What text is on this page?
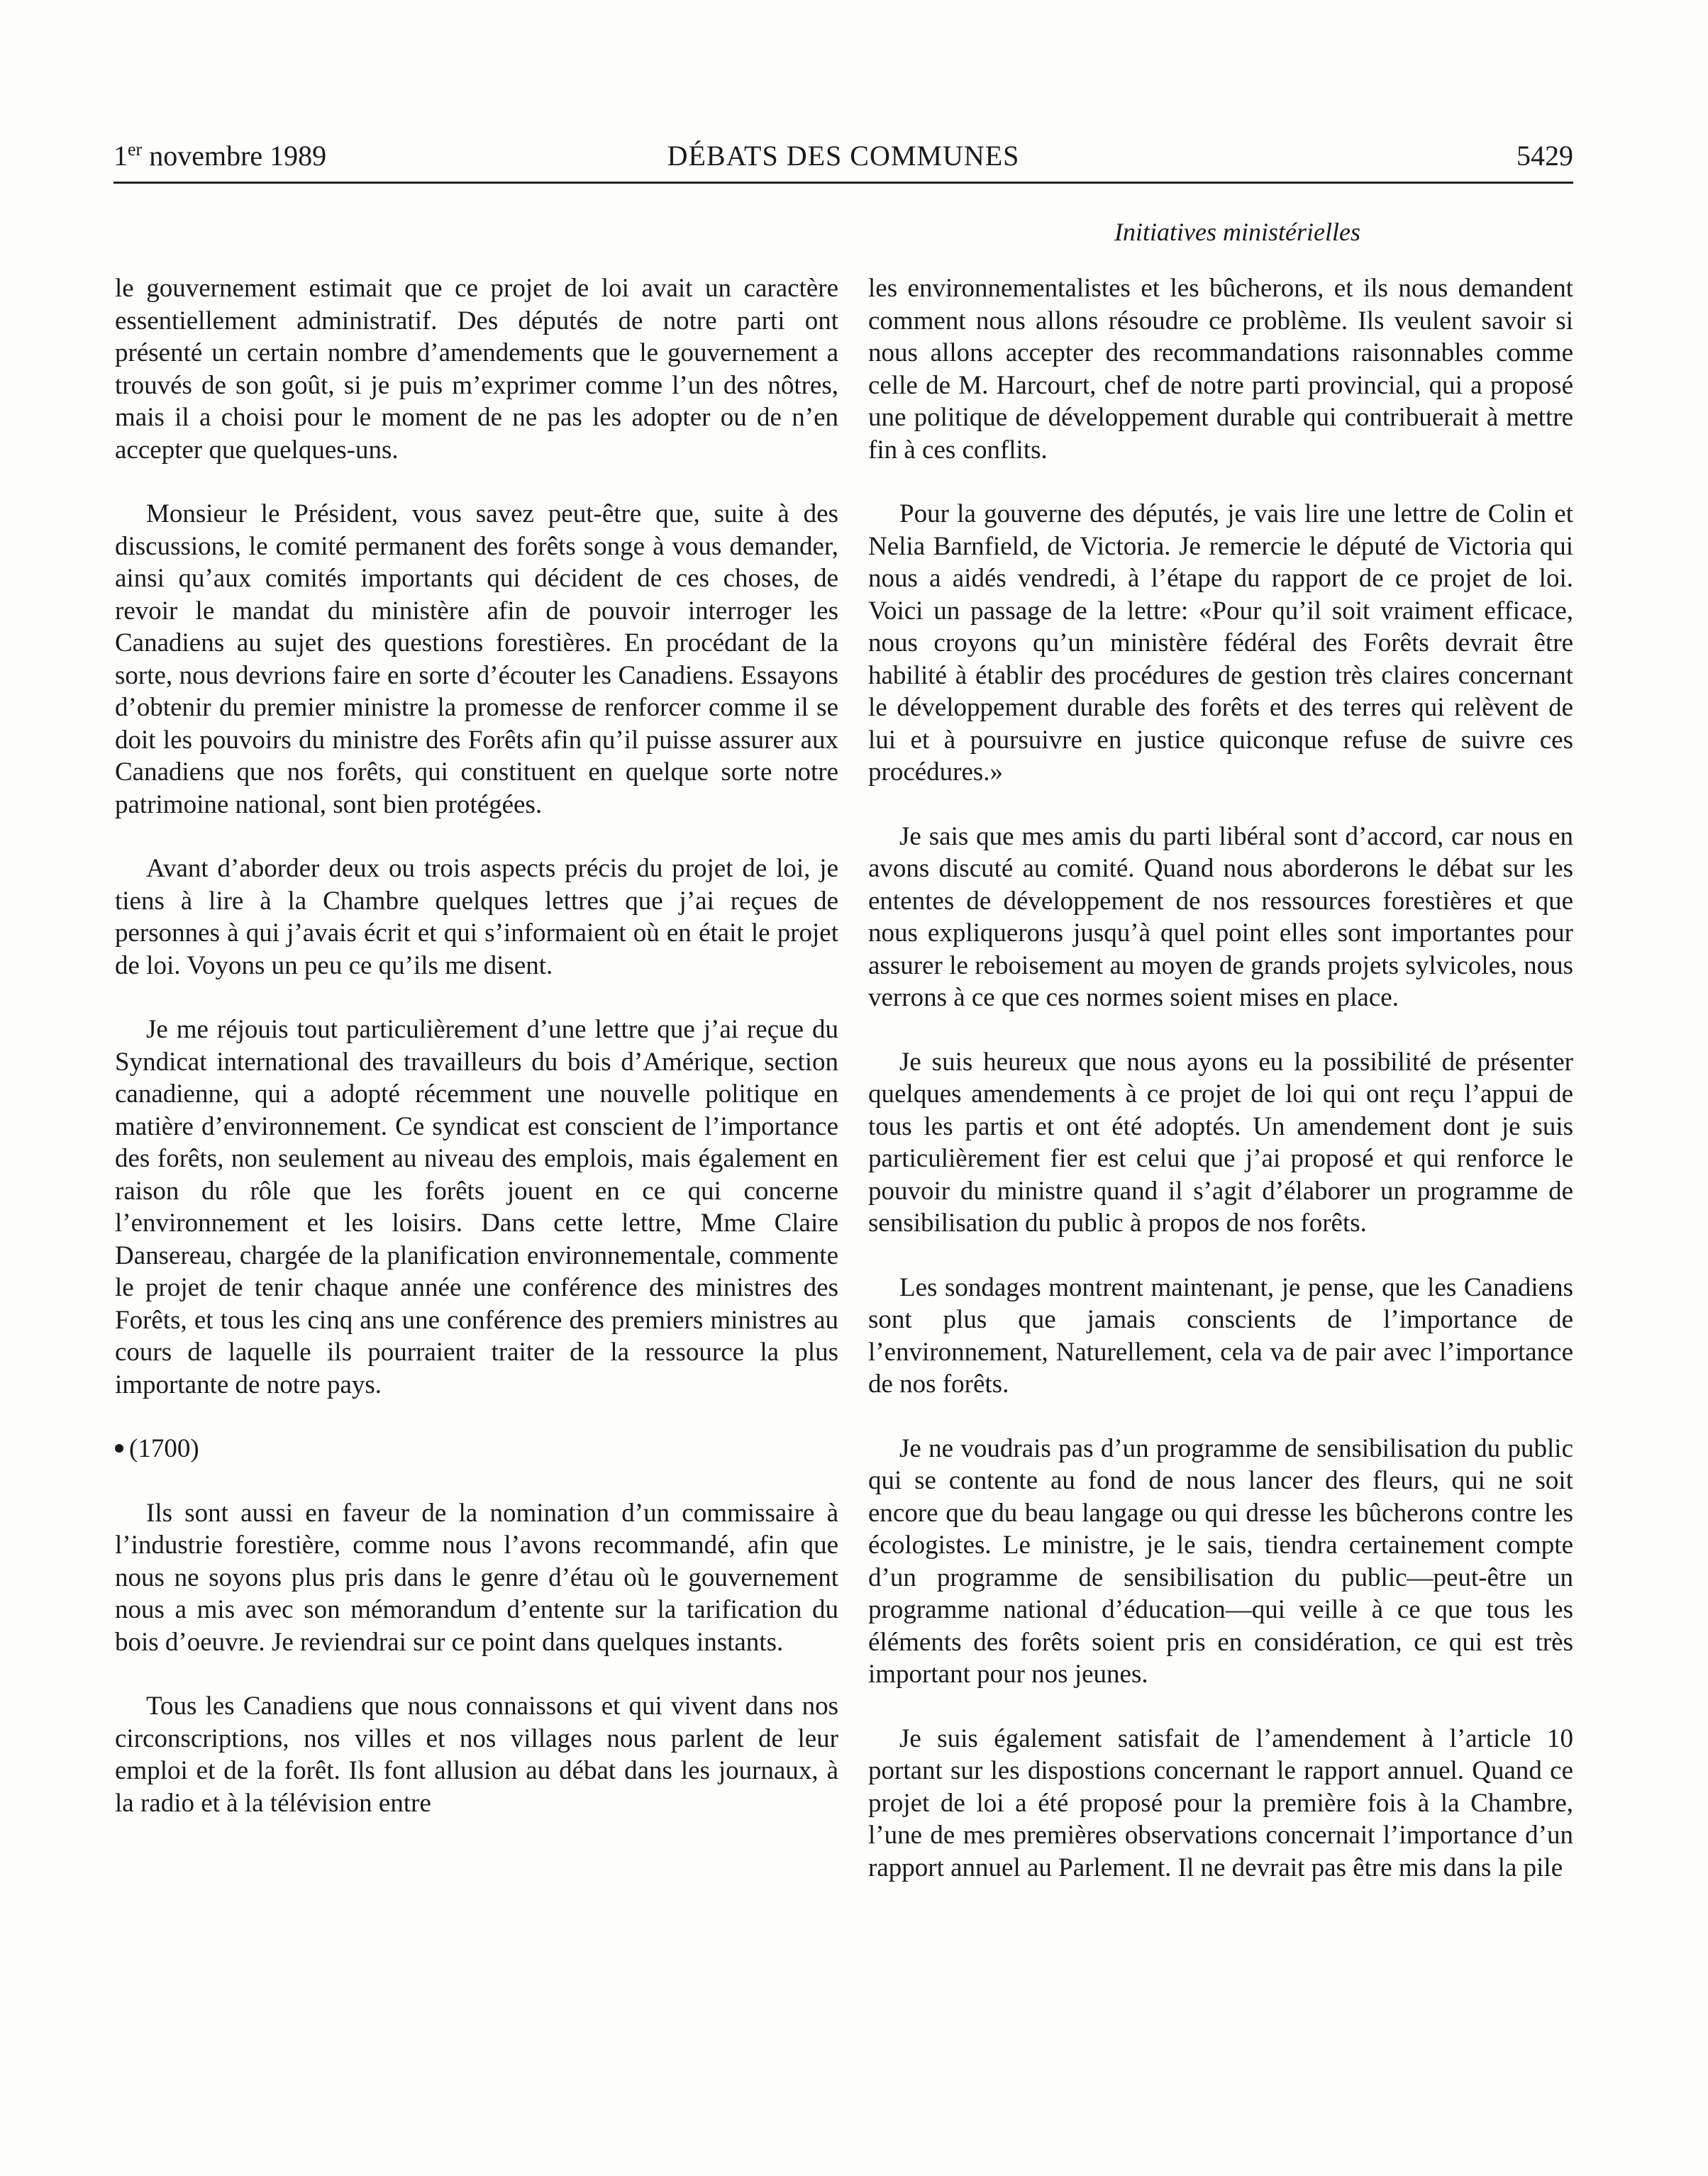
1er novembre 1989	DÉBATS DES COMMUNES	5429
Initiatives ministérielles

le gouvernement estimait que ce projet de loi avait un caractère essentiellement administratif. Des députés de notre parti ont présenté un certain nombre d’amendements que le gouvernement a trouvés de son goût, si je puis m’exprimer comme l’un des nôtres, mais il a choisi pour le moment de ne pas les adopter ou de n’en accepter que quelques-uns.

Monsieur le Président, vous savez peut-être que, suite à des discussions, le comité permanent des forêts songe à vous demander, ainsi qu’aux comités importants qui décident de ces choses, de revoir le mandat du ministère afin de pouvoir interroger les Canadiens au sujet des questions forestières. En procédant de la sorte, nous devrions faire en sorte d’écouter les Canadiens. Essayons d’obtenir du premier ministre la promesse de renforcer comme il se doit les pouvoirs du ministre des Forêts afin qu’il puisse assurer aux Canadiens que nos forêts, qui constituent en quelque sorte notre patrimoine national, sont bien protégées.

Avant d’aborder deux ou trois aspects précis du projet de loi, je tiens à lire à la Chambre quelques lettres que j’ai reçues de personnes à qui j’avais écrit et qui s’informaient où en était le projet de loi. Voyons un peu ce qu’ils me disent.

Je me réjouis tout particulièrement d’une lettre que j’ai reçue du Syndicat international des travailleurs du bois d’Amérique, section canadienne, qui a adopté récemment une nouvelle politique en matière d’environnement. Ce syndicat est conscient de l’importance des forêts, non seulement au niveau des emplois, mais également en raison du rôle que les forêts jouent en ce qui concerne l’environnement et les loisirs. Dans cette lettre, Mme Claire Dansereau, chargée de la planification environnementale, commente le projet de tenir chaque année une conférence des ministres des Forêts, et tous les cinq ans une conférence des premiers ministres au cours de laquelle ils pourraient traiter de la ressource la plus importante de notre pays.

(1700)

Ils sont aussi en faveur de la nomination d’un commissaire à l’industrie forestière, comme nous l’avons recommandé, afin que nous ne soyons plus pris dans le genre d’étau où le gouvernement nous a mis avec son mémorandum d’entente sur la tarification du bois d’oeuvre. Je reviendrai sur ce point dans quelques instants.

Tous les Canadiens que nous connaissons et qui vivent dans nos circonscriptions, nos villes et nos villages nous parlent de leur emploi et de la forêt. Ils font allusion au débat dans les journaux, à la radio et à la télévision entre

les environnementalistes et les bûcherons, et ils nous demandent comment nous allons résoudre ce problème. Ils veulent savoir si nous allons accepter des recommandations raisonnables comme celle de M. Harcourt, chef de notre parti provincial, qui a proposé une politique de développement durable qui contribuerait à mettre fin à ces conflits.

Pour la gouverne des députés, je vais lire une lettre de Colin et Nelia Barnfield, de Victoria. Je remercie le député de Victoria qui nous a aidés vendredi, à l’étape du rapport de ce projet de loi. Voici un passage de la lettre: «Pour qu’il soit vraiment efficace, nous croyons qu’un ministère fédéral des Forêts devrait être habilité à établir des procédures de gestion très claires concernant le développement durable des forêts et des terres qui relèvent de lui et à poursuivre en justice quiconque refuse de suivre ces procédures.»

Je sais que mes amis du parti libéral sont d’accord, car nous en avons discuté au comité. Quand nous aborderons le débat sur les ententes de développement de nos ressources forestières et que nous expliquerons jusqu’à quel point elles sont importantes pour assurer le reboisement au moyen de grands projets sylvicoles, nous verrons à ce que ces normes soient mises en place.

Je suis heureux que nous ayons eu la possibilité de présenter quelques amendements à ce projet de loi qui ont reçu l’appui de tous les partis et ont été adoptés. Un amendement dont je suis particulièrement fier est celui que j’ai proposé et qui renforce le pouvoir du ministre quand il s’agit d’élaborer un programme de sensibilisation du public à propos de nos forêts.

Les sondages montrent maintenant, je pense, que les Canadiens sont plus que jamais conscients de l’importance de l’environnement, Naturellement, cela va de pair avec l’importance de nos forêts.

Je ne voudrais pas d’un programme de sensibilisation du public qui se contente au fond de nous lancer des fleurs, qui ne soit encore que du beau langage ou qui dresse les bûcherons contre les écologistes. Le ministre, je le sais, tiendra certainement compte d’un programme de sensibilisation du public—peut-être un programme national d’éducation—qui veille à ce que tous les éléments des forêts soient pris en considération, ce qui est très important pour nos jeunes.

Je suis également satisfait de l’amendement à l’article 10 portant sur les dispostions concernant le rapport annuel. Quand ce projet de loi a été proposé pour la première fois à la Chambre, l’une de mes premières observations concernait l’importance d’un rapport annuel au Parlement. Il ne devrait pas être mis dans la pile
